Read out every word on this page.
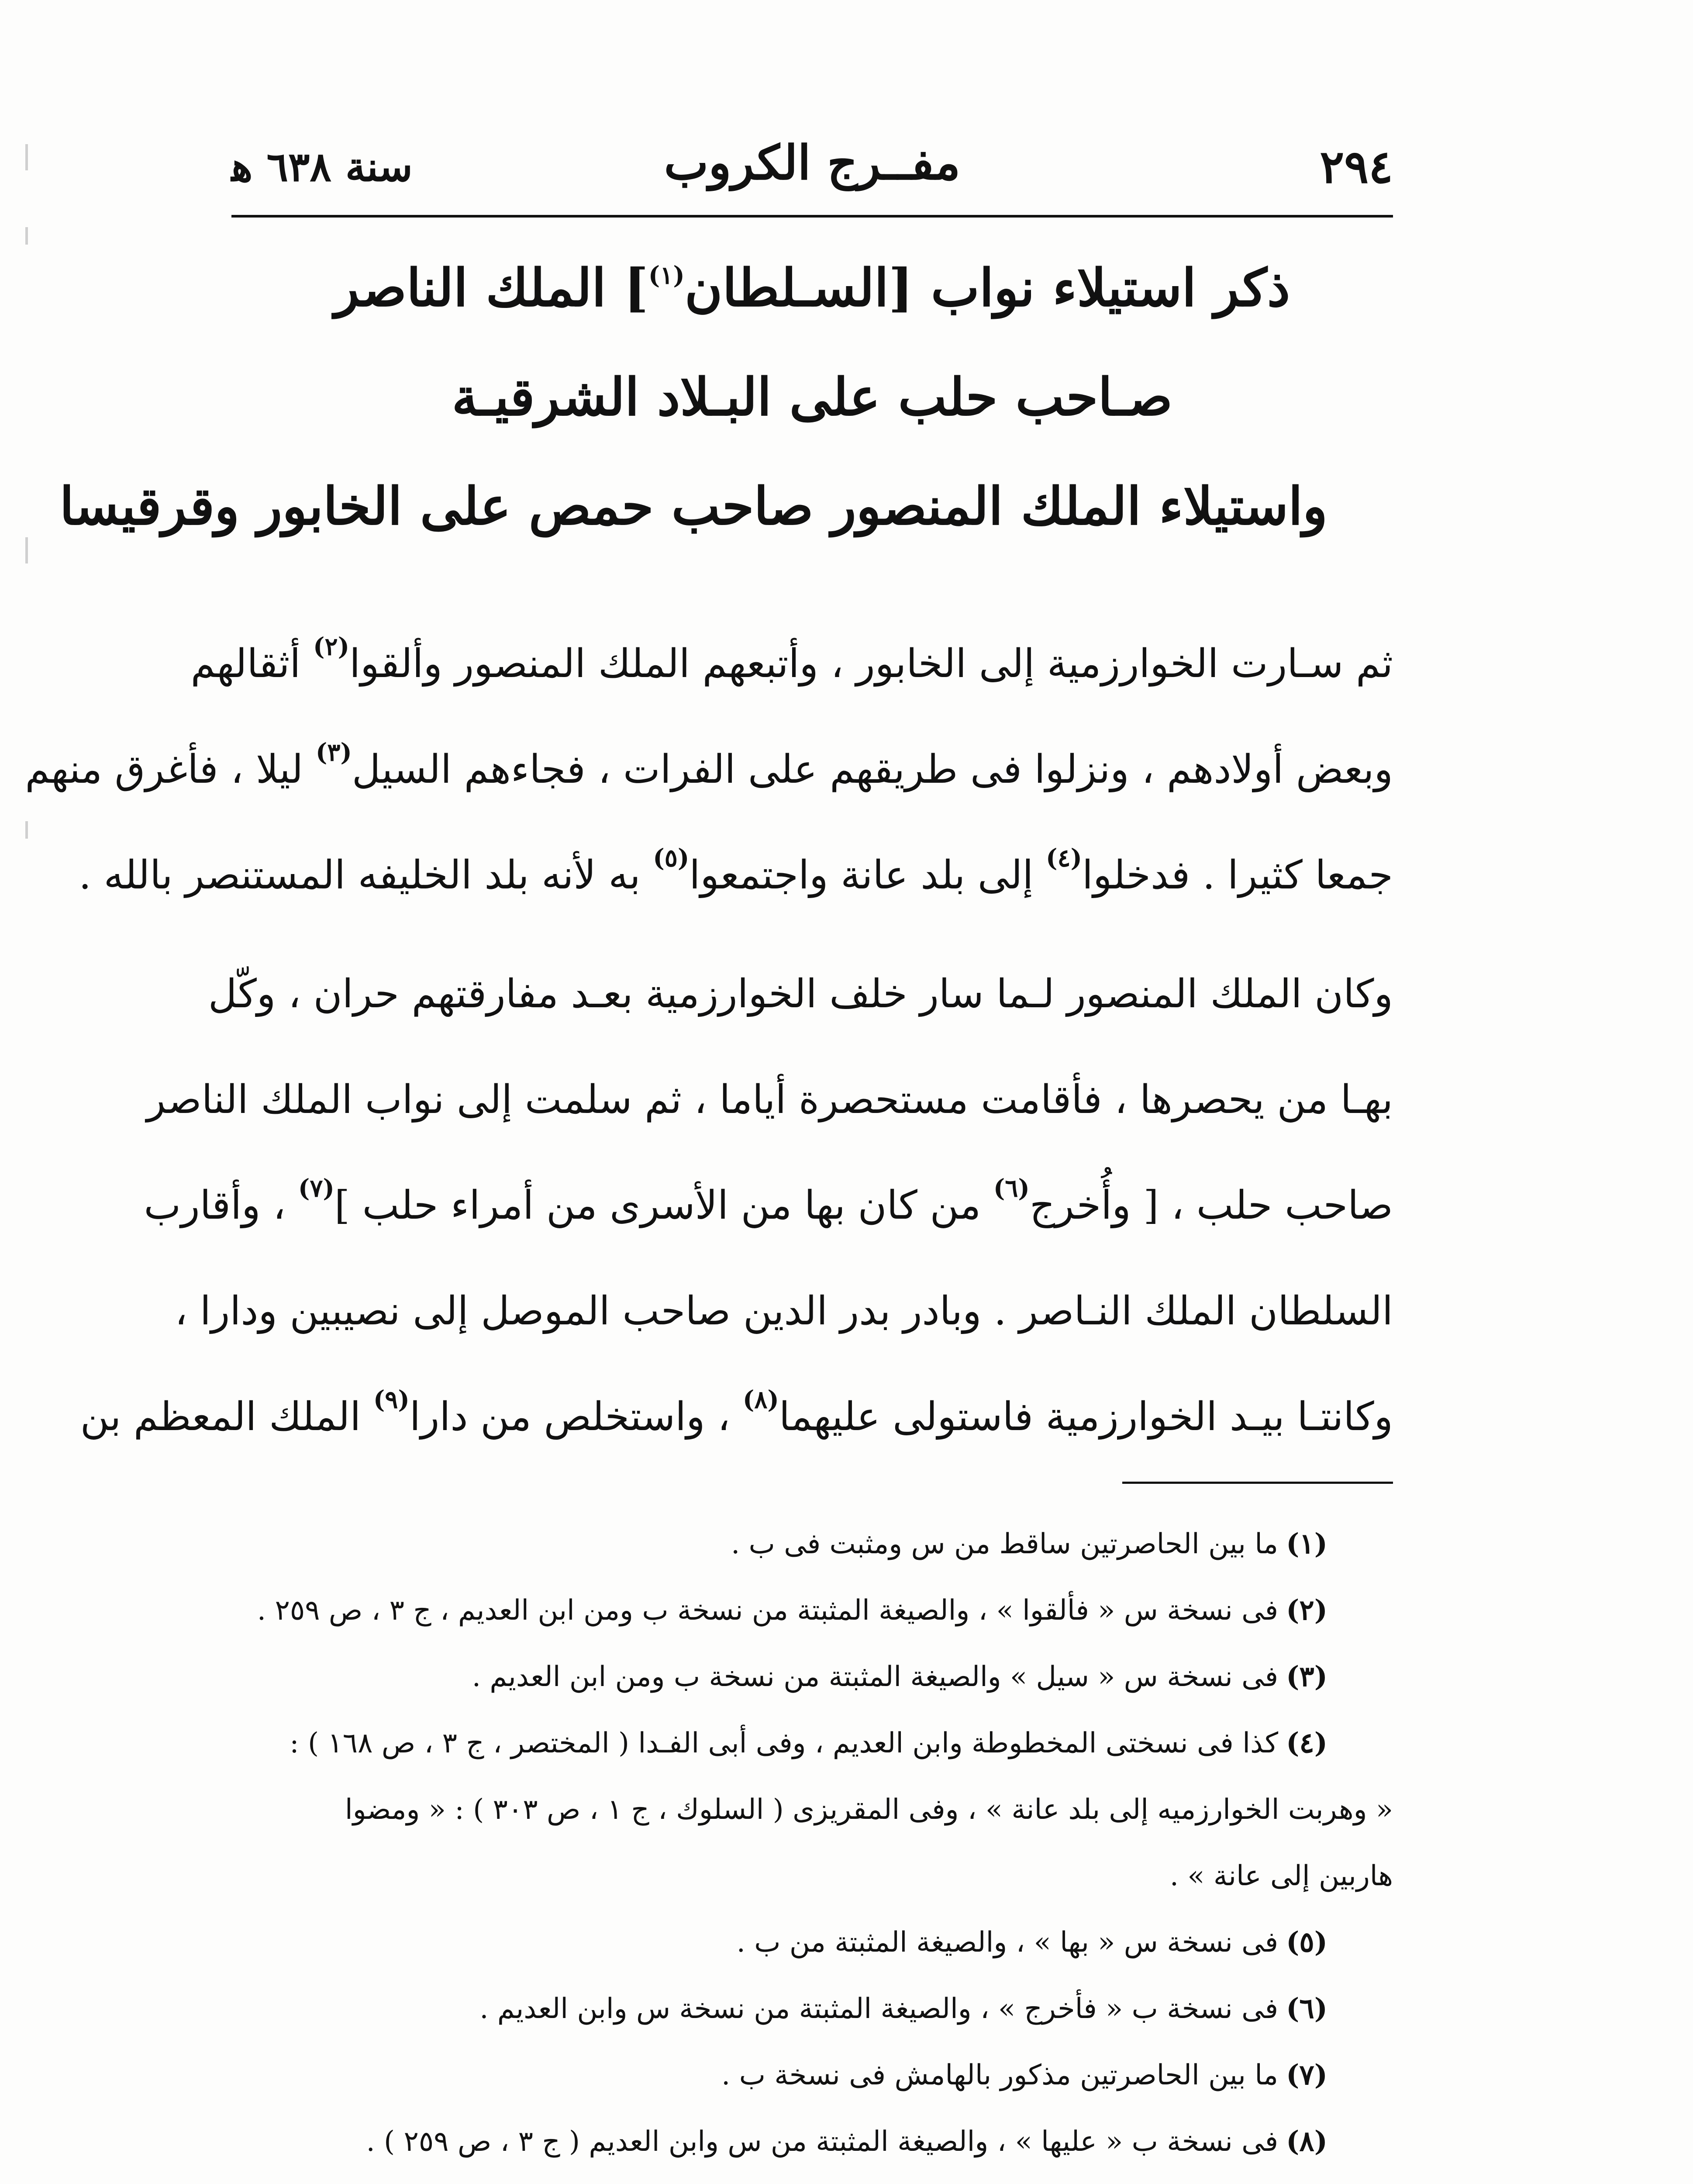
٢٩٤
مفــرج الكروب
سنة ٦٣٨ ﻫ
ذكر استيلاء نواب [السـلطان$^{(١)}$] الملك الناصر
صـاحب حلب على البـلاد الشرقيـة
واستيلاء الملك المنصور صاحب حمص على الخابور وقرقيسا
ثم سـارت الخوارزمية إلى الخابور ، وأتبعهم الملك المنصور وألقوا$^{(٢)}$ أثقالهم
وبعض أولادهم ، ونزلوا فى طريقهم على الفرات ، فجاءهم السيل$^{(٣)}$ ليلا ، فأغرق منهم
جمعا كثيرا . فدخلوا$^{(٤)}$ إلى بلد عانة واجتمعوا$^{(٥)}$ به لأنه بلد الخليفه المستنصر بالله .
وكان الملك المنصور لـما سار خلف الخوارزمية بعـد مفارقتهم حران ، وكّل
بهـا من يحصرها ، فأقامت مستحصرة أياما ، ثم سلمت إلى نواب الملك الناصر
صاحب حلب ، [ وأُخرج$^{(٦)}$ من كان بها من الأسرى من أمراء حلب ]$^{(٧)}$ ، وأقارب
السلطان الملك النـاصر . وبادر بدر الدين صاحب الموصل إلى نصيبين ودارا ،
وكانتـا بيـد الخوارزمية فاستولى عليهما$^{(٨)}$ ، واستخلص من دارا$^{(٩)}$ الملك المعظم بن
(١)ما بين الحاصرتين ساقط من س ومثبت فى ب .
(٢)فى نسخة س « فألقوا » ، والصيغة المثبتة من نسخة ب ومن ابن العديم ، ج ٣ ، ص ٢٥٩ .
(٣)فى نسخة س « سيل » والصيغة المثبتة من نسخة ب ومن ابن العديم .
(٤)كذا فى نسختى المخطوطة وابن العديم ، وفى أبى الفـدا ( المختصر ، ج ٣ ، ص ١٦٨ ) :
« وهربت الخوارزميه إلى بلد عانة » ، وفى المقريزى ( السلوك ، ج ١ ، ص ٣٠٣ ) : « ومضوا
هاربين إلى عانة » .
(٥)فى نسخة س « بها » ، والصيغة المثبتة من ب .
(٦)فى نسخة ب « فأخرج » ، والصيغة المثبتة من نسخة س وابن العديم .
(٧)ما بين الحاصرتين مذكور بالهامش فى نسخة ب .
(٨)فى نسخة ب « عليها » ، والصيغة المثبتة من س وابن العديم ( ج ٣ ، ص ٢٥٩ ) .
